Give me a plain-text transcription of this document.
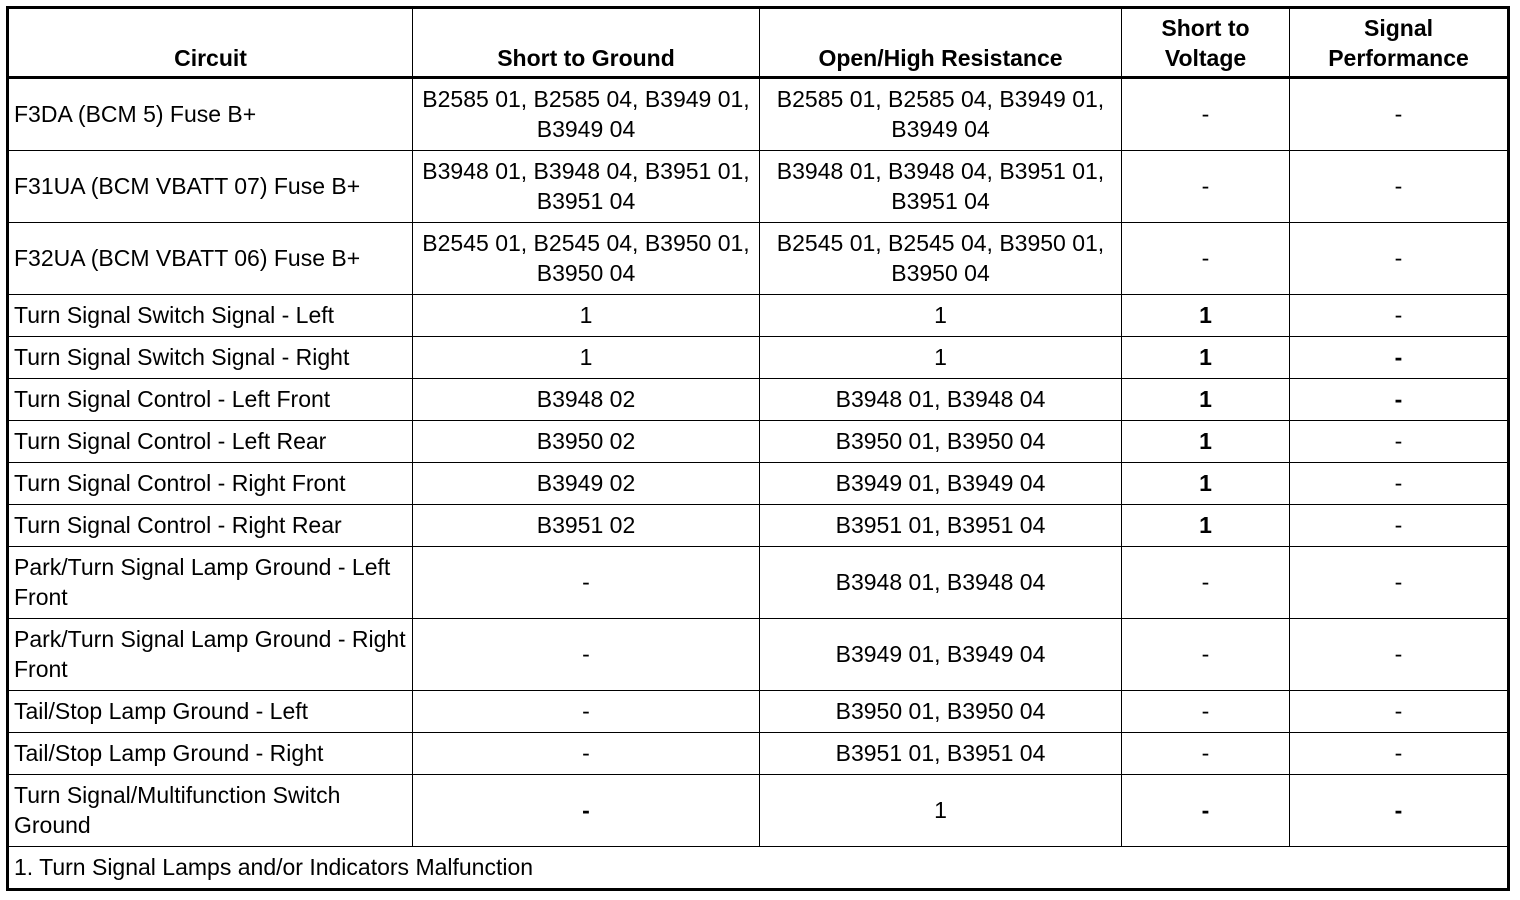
Circuit	Short to Ground	Open/High Resistance	Short to Voltage	Signal Performance
F3DA (BCM 5) Fuse B+	B2585 01, B2585 04, B3949 01, B3949 04	B2585 01, B2585 04, B3949 01, B3949 04	-	-
F31UA (BCM VBATT 07) Fuse B+	B3948 01, B3948 04, B3951 01, B3951 04	B3948 01, B3948 04, B3951 01, B3951 04	-	-
F32UA (BCM VBATT 06) Fuse B+	B2545 01, B2545 04, B3950 01, B3950 04	B2545 01, B2545 04, B3950 01, B3950 04	-	-
Turn Signal Switch Signal - Left	1	1	1	-
Turn Signal Switch Signal - Right	1	1	1	-
Turn Signal Control - Left Front	B3948 02	B3948 01, B3948 04	1	-
Turn Signal Control - Left Rear	B3950 02	B3950 01, B3950 04	1	-
Turn Signal Control - Right Front	B3949 02	B3949 01, B3949 04	1	-
Turn Signal Control - Right Rear	B3951 02	B3951 01, B3951 04	1	-
Park/Turn Signal Lamp Ground - Left Front	-	B3948 01, B3948 04	-	-
Park/Turn Signal Lamp Ground - Right Front	-	B3949 01, B3949 04	-	-
Tail/Stop Lamp Ground - Left	-	B3950 01, B3950 04	-	-
Tail/Stop Lamp Ground - Right	-	B3951 01, B3951 04	-	-
Turn Signal/Multifunction Switch Ground	-	1	-	-
1. Turn Signal Lamps and/or Indicators Malfunction				
